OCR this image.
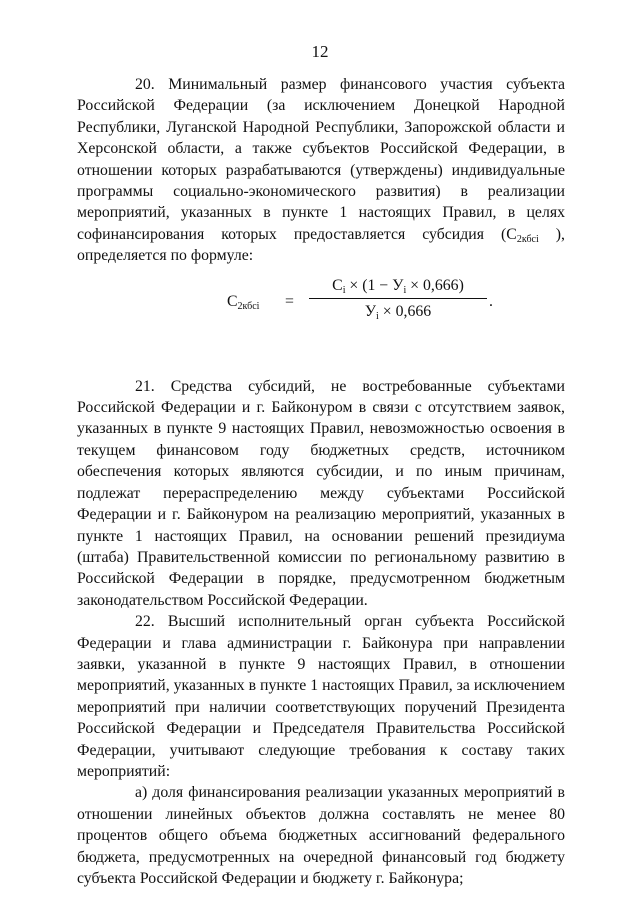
12

20. Минимальный размер финансового участия субъекта Российской Федерации (за исключением Донецкой Народной Республики, Луганской Народной Республики, Запорожской области и Херсонской области, а также субъектов Российской Федерации, в отношении которых разрабатываются (утверждены) индивидуальные программы социально-экономического развития) в реализации мероприятий, указанных в пункте 1 настоящих Правил, в целях софинансирования которых предоставляется субсидия ($С_{2кбсi}$ ), определяется по формуле:

$С_{2кбсi}$ =
$С_i \times (1 - У_i \times 0,666)$
$У_i \times 0,666$
.

21. Средства субсидий, не востребованные субъектами Российской Федерации и г. Байконуром в связи с отсутствием заявок, указанных в пункте 9 настоящих Правил, невозможностью освоения в текущем финансовом году бюджетных средств, источником обеспечения которых являются субсидии, и по иным причинам, подлежат перераспределению между субъектами Российской Федерации и г. Байконуром на реализацию мероприятий, указанных в пункте 1 настоящих Правил, на основании решений президиума (штаба) Правительственной комиссии по региональному развитию в Российской Федерации в порядке, предусмотренном бюджетным законодательством Российской Федерации.

22. Высший исполнительный орган субъекта Российской Федерации и глава администрации г. Байконура при направлении заявки, указанной в пункте 9 настоящих Правил, в отношении мероприятий, указанных в пункте 1 настоящих Правил, за исключением мероприятий при наличии соответствующих поручений Президента Российской Федерации и Председателя Правительства Российской Федерации, учитывают следующие требования к составу таких мероприятий:

а) доля финансирования реализации указанных мероприятий в отношении линейных объектов должна составлять не менее 80 процентов общего объема бюджетных ассигнований федерального бюджета, предусмотренных на очередной финансовый год бюджету субъекта Российской Федерации и бюджету г. Байконура;
